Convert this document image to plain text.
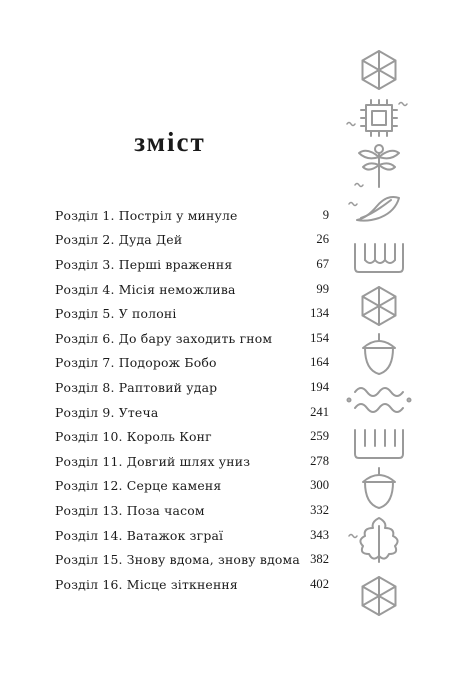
зміст
Розділ 1. Постріл у минуле	9
Розділ 2. Дуда Дей	26
Розділ 3. Перші враження	67
Розділ 4. Місія неможлива	99
Розділ 5. У полоні	134
Розділ 6. До бару заходить гном	154
Розділ 7. Подорож Бобо	164
Розділ 8. Раптовий удар	194
Розділ 9. Утеча	241
Розділ 10. Король Конг	259
Розділ 11. Довгий шлях униз	278
Розділ 12. Серце каменя	300
Розділ 13. Поза часом	332
Розділ 14. Ватажок зграї	343
Розділ 15. Знову вдома, знову вдома 382
Розділ 16. Місце зіткнення	402
